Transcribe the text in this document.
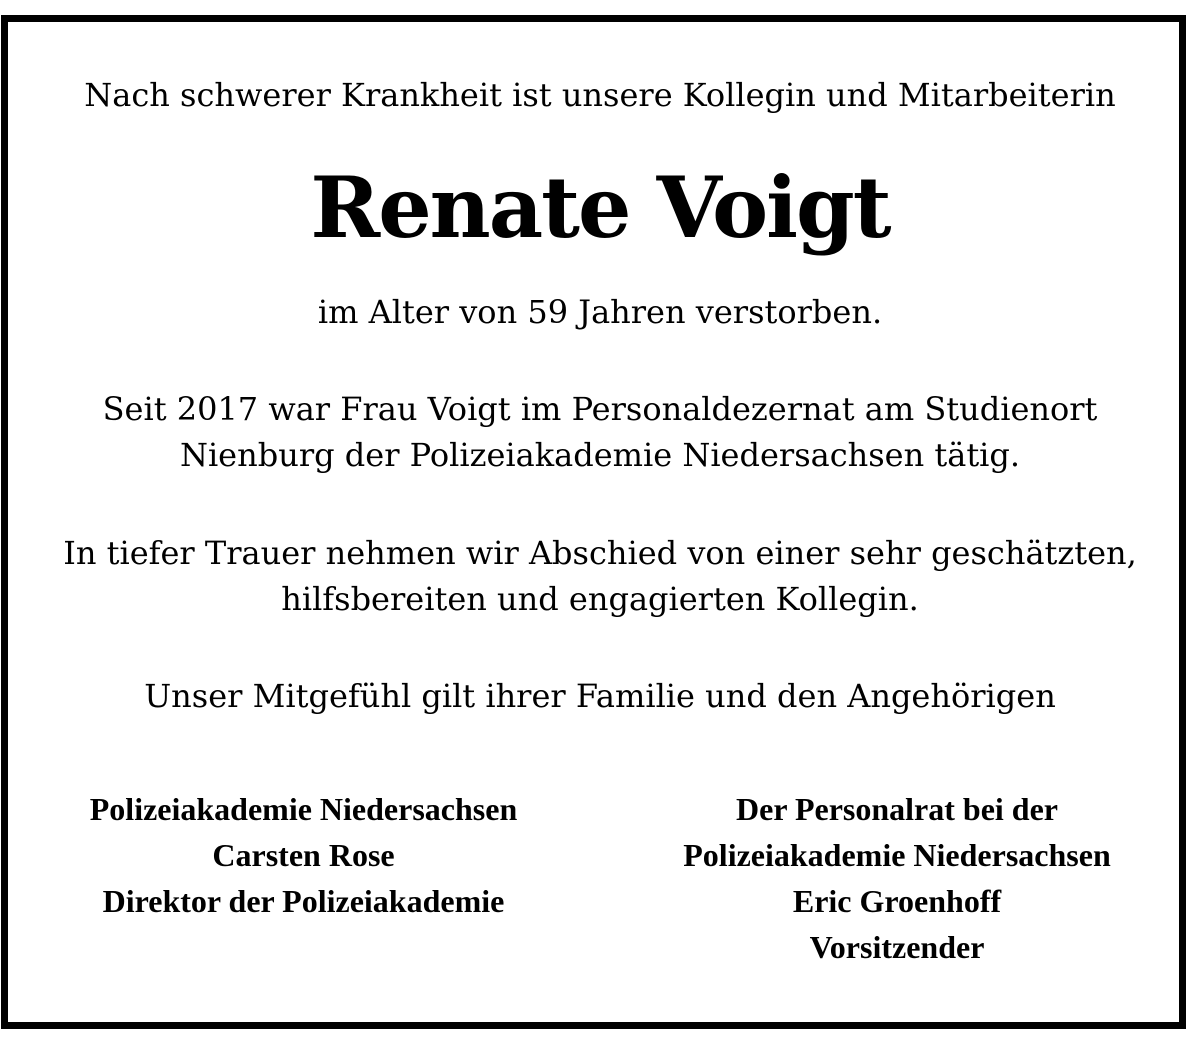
Nach schwerer Krankheit ist unsere Kollegin und Mitarbeiterin
Renate Voigt
im Alter von 59 Jahren verstorben.
Seit 2017 war Frau Voigt im Personaldezernat am Studienort
Nienburg der Polizeiakademie Niedersachsen tätig.
In tiefer Trauer nehmen wir Abschied von einer sehr geschätzten,
hilfsbereiten und engagierten Kollegin.
Unser Mitgefühl gilt ihrer Familie und den Angehörigen
Polizeiakademie Niedersachsen
Carsten Rose
Direktor der Polizeiakademie
Der Personalrat bei der
Polizeiakademie Niedersachsen
Eric Groenhoff
Vorsitzender
